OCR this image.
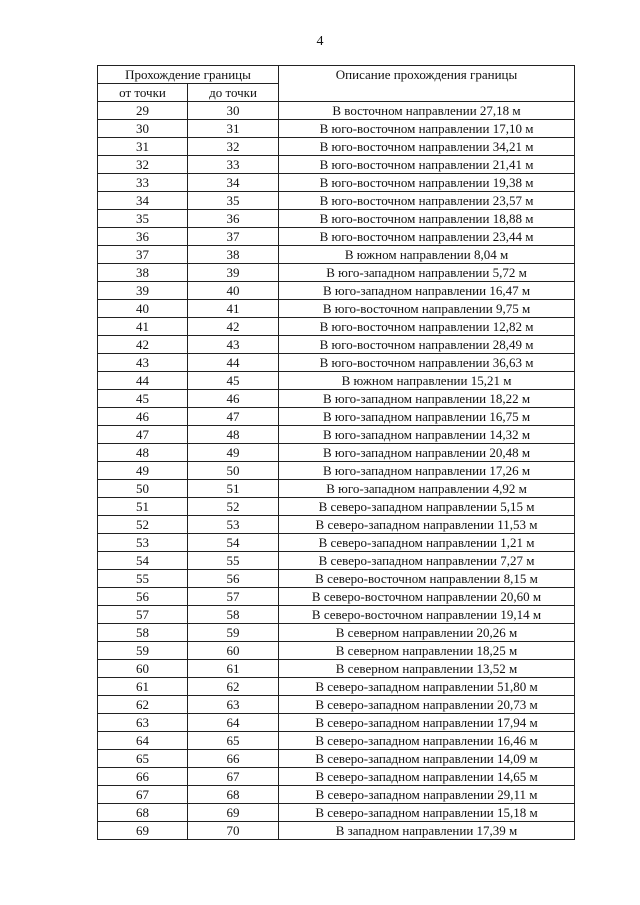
4
Прохождение границы		Описание прохождения границы
от точки	до точки	
29	30	В восточном направлении 27,18 м
30	31	В юго-восточном направлении 17,10 м
31	32	В юго-восточном направлении 34,21 м
32	33	В юго-восточном направлении 21,41 м
33	34	В юго-восточном направлении 19,38 м
34	35	В юго-восточном направлении 23,57 м
35	36	В юго-восточном направлении 18,88 м
36	37	В юго-восточном направлении 23,44 м
37	38	В южном направлении 8,04 м
38	39	В юго-западном направлении 5,72 м
39	40	В юго-западном направлении 16,47 м
40	41	В юго-восточном направлении 9,75 м
41	42	В юго-восточном направлении 12,82 м
42	43	В юго-восточном направлении 28,49 м
43	44	В юго-восточном направлении 36,63 м
44	45	В южном направлении 15,21 м
45	46	В юго-западном направлении 18,22 м
46	47	В юго-западном направлении 16,75 м
47	48	В юго-западном направлении 14,32 м
48	49	В юго-западном направлении 20,48 м
49	50	В юго-западном направлении 17,26 м
50	51	В юго-западном направлении 4,92 м
51	52	В северо-западном направлении 5,15 м
52	53	В северо-западном направлении 11,53 м
53	54	В северо-западном направлении 1,21 м
54	55	В северо-западном направлении 7,27 м
55	56	В северо-восточном направлении 8,15 м
56	57	В северо-восточном направлении 20,60 м
57	58	В северо-восточном направлении 19,14 м
58	59	В северном направлении 20,26 м
59	60	В северном направлении 18,25 м
60	61	В северном направлении 13,52 м
61	62	В северо-западном направлении 51,80 м
62	63	В северо-западном направлении 20,73 м
63	64	В северо-западном направлении 17,94 м
64	65	В северо-западном направлении 16,46 м
65	66	В северо-западном направлении 14,09 м
66	67	В северо-западном направлении 14,65 м
67	68	В северо-западном направлении 29,11 м
68	69	В северо-западном направлении 15,18 м
69	70	В западном направлении 17,39 м
